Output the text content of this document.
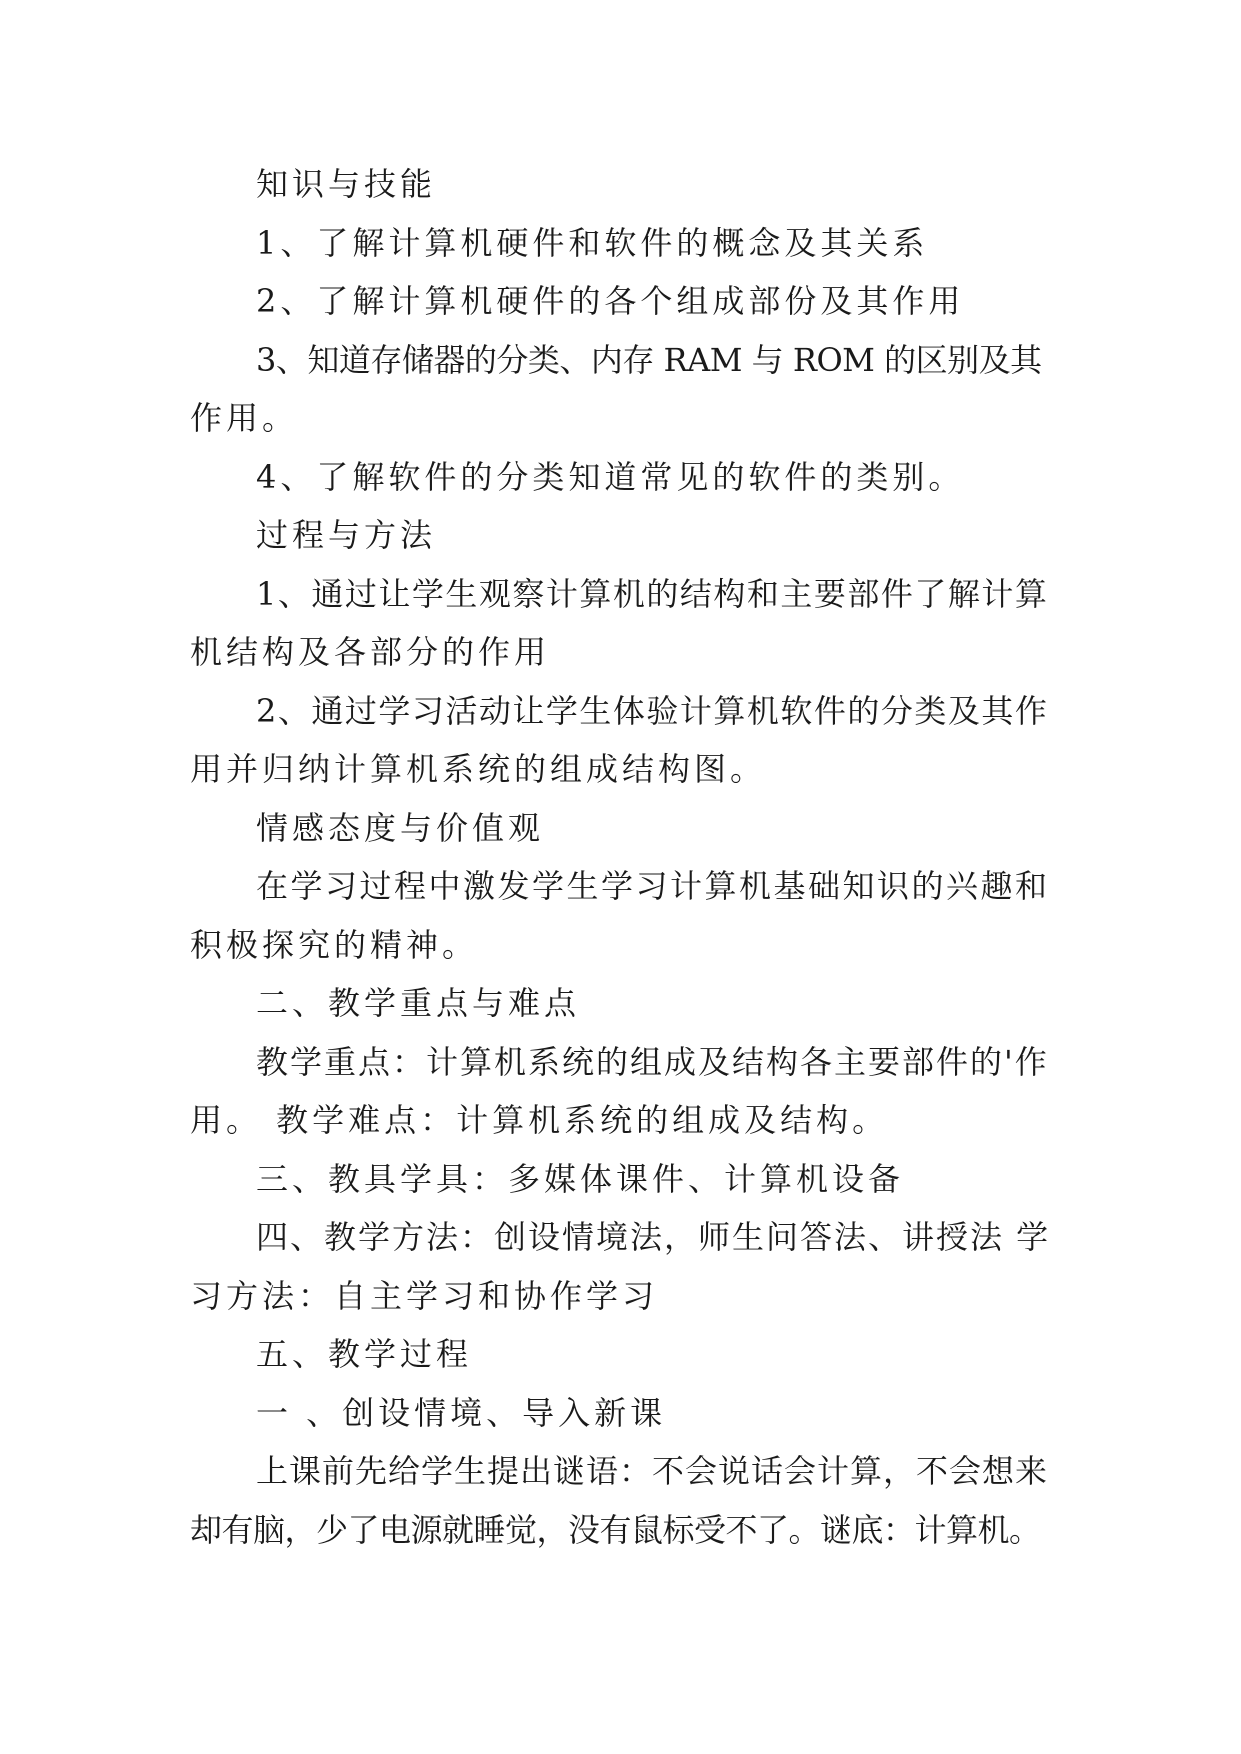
知识与技能
1、了解计算机硬件和软件的概念及其关系
2、了解计算机硬件的各个组成部份及其作用
3、知道存储器的分类、内存 RAM 与 ROM 的区别及其
作用。
4、了解软件的分类知道常见的软件的类别。
过程与方法
1、通过让学生观察计算机的结构和主要部件了解计算
机结构及各部分的作用
2、通过学习活动让学生体验计算机软件的分类及其作
用并归纳计算机系统的组成结构图。
情感态度与价值观
在学习过程中激发学生学习计算机基础知识的兴趣和
积极探究的精神。
二、教学重点与难点
教学重点：计算机系统的组成及结构各主要部件的'作
用。 教学难点：计算机系统的组成及结构。
三、教具学具：多媒体课件、计算机设备
四、教学方法：创设情境法，师生问答法、讲授法 学
习方法：自主学习和协作学习
五、教学过程
一 、创设情境、导入新课
上课前先给学生提出谜语：不会说话会计算，不会想来
却有脑，少了电源就睡觉，没有鼠标受不了。谜底：计算机。
